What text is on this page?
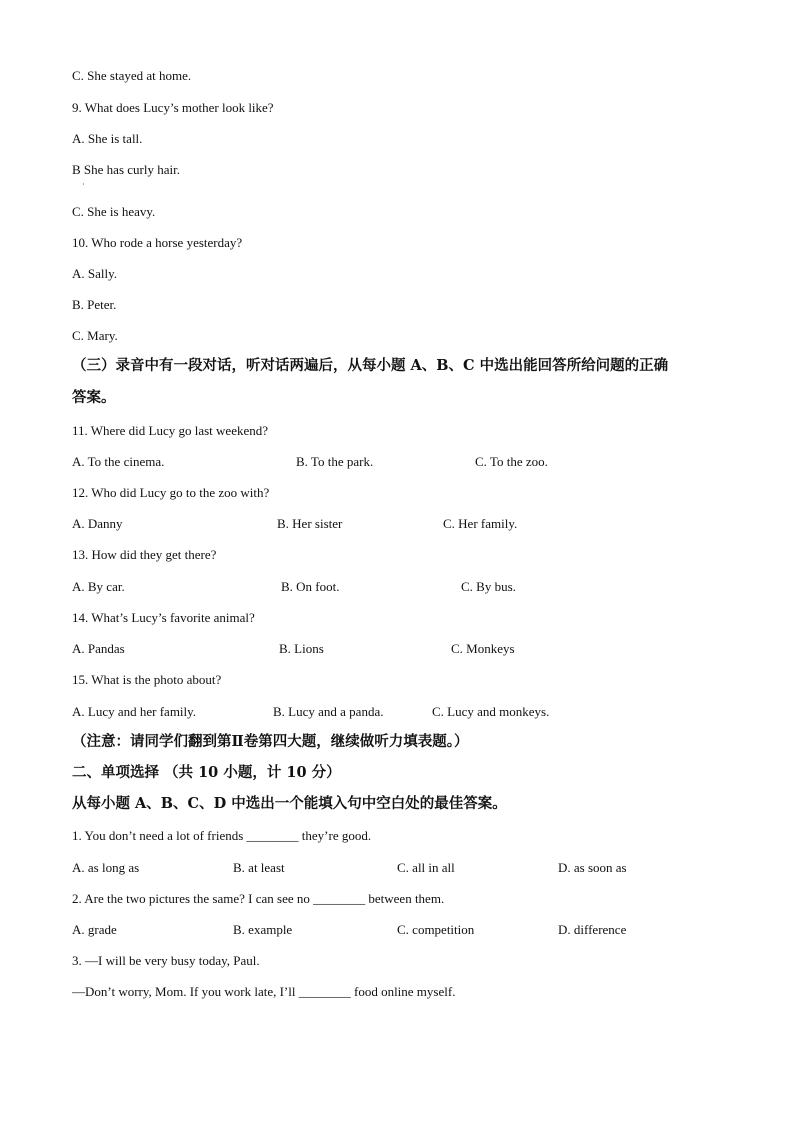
C. She stayed at home.
9. What does Lucy’s mother look like?
A. She is tall.
B She has curly hair.
·
C. She is heavy.
10. Who rode a horse yesterday?
A. Sally.
B. Peter.
C. Mary.
（三）录音中有一段对话，听对话两遍后，从每小题 A、B、C 中选出能回答所给问题的正确
答案。
11. Where did Lucy go last weekend?
A. To the cinema.	B. To the park.	C. To the zoo.
12. Who did Lucy go to the zoo with?
A. Danny	B. Her sister	C. Her family.
13. How did they get there?
A. By car.	B. On foot.	C. By bus.
14. What’s Lucy’s favorite animal?
A. Pandas	B. Lions	C. Monkeys
15. What is the photo about?
A. Lucy and her family.	B. Lucy and a panda.	C. Lucy and monkeys.
（注意：请同学们翻到第Ⅱ卷第四大题，继续做听力填表题。）
二、单项选择 （共 10 小题，计 10 分）
从每小题 A、B、C、D 中选出一个能填入句中空白处的最佳答案。
1. You don’t need a lot of friends ________ they’re good.
A. as long as	B. at least	C. all in all	D. as soon as
2. Are the two pictures the same? I can see no ________ between them.
A. grade	B. example	C. competition	D. difference
3. —I will be very busy today, Paul.
—Don’t worry, Mom. If you work late, I’ll ________ food online myself.
